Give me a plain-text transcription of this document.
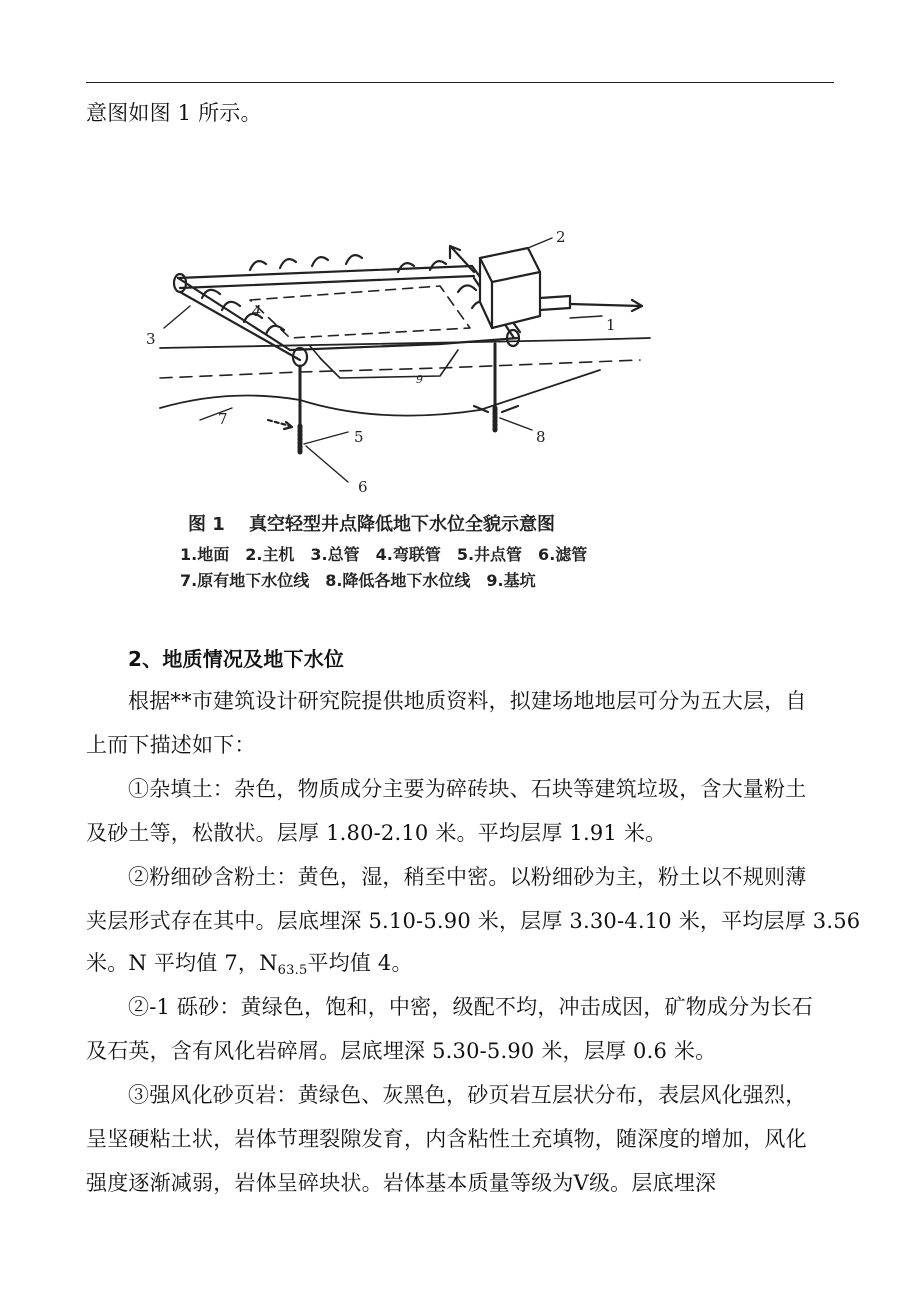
意图如图 1 所示。
2
3
4
9
7
5
6
8
1
图 1　 真空轻型井点降低地下水位全貌示意图
1.地面　2.主机　3.总管　4.弯联管　5.井点管　6.滤管
7.原有地下水位线　8.降低各地下水位线　9.基坑
2、地质情况及地下水位
根据**市建筑设计研究院提供地质资料，拟建场地地层可分为五大层，自
上而下描述如下：
①杂填土：杂色，物质成分主要为碎砖块、石块等建筑垃圾，含大量粉土
及砂土等，松散状。层厚 1.80-2.10 米。平均层厚 1.91 米。
②粉细砂含粉土：黄色，湿，稍至中密。以粉细砂为主，粉土以不规则薄
夹层形式存在其中。层底埋深 5.10-5.90 米，层厚 3.30-4.10 米，平均层厚 3.56
米。N 平均值 7，$N_{63.5}$平均值 4。
②-1 砾砂：黄绿色，饱和，中密，级配不均，冲击成因，矿物成分为长石
及石英，含有风化岩碎屑。层底埋深 5.30-5.90 米，层厚 0.6 米。
③强风化砂页岩：黄绿色、灰黑色，砂页岩互层状分布，表层风化强烈，
呈坚硬粘土状，岩体节理裂隙发育，内含粘性土充填物，随深度的增加，风化
强度逐渐减弱，岩体呈碎块状。岩体基本质量等级为Ⅴ级。层底埋深
